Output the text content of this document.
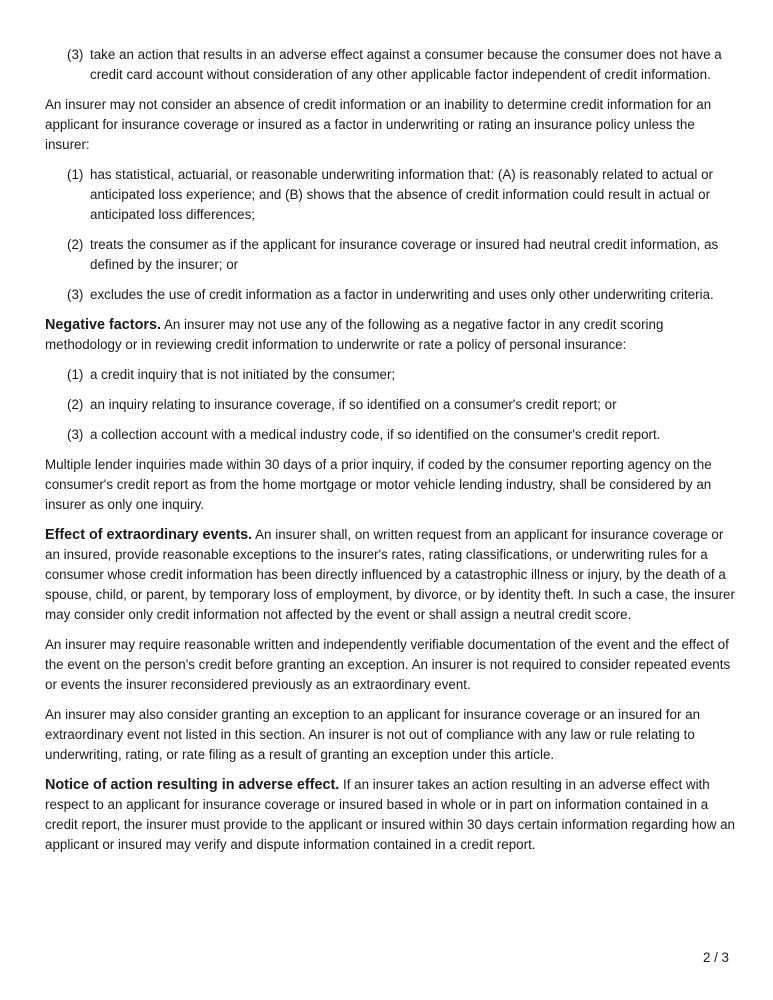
(3) take an action that results in an adverse effect against a consumer because the consumer does not have a credit card account without consideration of any other applicable factor independent of credit information.

An insurer may not consider an absence of credit information or an inability to determine credit information for an applicant for insurance coverage or insured as a factor in underwriting or rating an insurance policy unless the insurer:

(1) has statistical, actuarial, or reasonable underwriting information that: (A) is reasonably related to actual or anticipated loss experience; and (B) shows that the absence of credit information could result in actual or anticipated loss differences;
(2) treats the consumer as if the applicant for insurance coverage or insured had neutral credit information, as defined by the insurer; or
(3) excludes the use of credit information as a factor in underwriting and uses only other underwriting criteria.

Negative factors. An insurer may not use any of the following as a negative factor in any credit scoring methodology or in reviewing credit information to underwrite or rate a policy of personal insurance:

(1) a credit inquiry that is not initiated by the consumer;
(2) an inquiry relating to insurance coverage, if so identified on a consumer's credit report; or
(3) a collection account with a medical industry code, if so identified on the consumer's credit report.

Multiple lender inquiries made within 30 days of a prior inquiry, if coded by the consumer reporting agency on the consumer's credit report as from the home mortgage or motor vehicle lending industry, shall be considered by an insurer as only one inquiry.

Effect of extraordinary events. An insurer shall, on written request from an applicant for insurance coverage or an insured, provide reasonable exceptions to the insurer's rates, rating classifications, or underwriting rules for a consumer whose credit information has been directly influenced by a catastrophic illness or injury, by the death of a spouse, child, or parent, by temporary loss of employment, by divorce, or by identity theft. In such a case, the insurer may consider only credit information not affected by the event or shall assign a neutral credit score.

An insurer may require reasonable written and independently verifiable documentation of the event and the effect of the event on the person's credit before granting an exception. An insurer is not required to consider repeated events or events the insurer reconsidered previously as an extraordinary event.

An insurer may also consider granting an exception to an applicant for insurance coverage or an insured for an extraordinary event not listed in this section. An insurer is not out of compliance with any law or rule relating to underwriting, rating, or rate filing as a result of granting an exception under this article.

Notice of action resulting in adverse effect. If an insurer takes an action resulting in an adverse effect with respect to an applicant for insurance coverage or insured based in whole or in part on information contained in a credit report, the insurer must provide to the applicant or insured within 30 days certain information regarding how an applicant or insured may verify and dispute information contained in a credit report.

2 / 3
